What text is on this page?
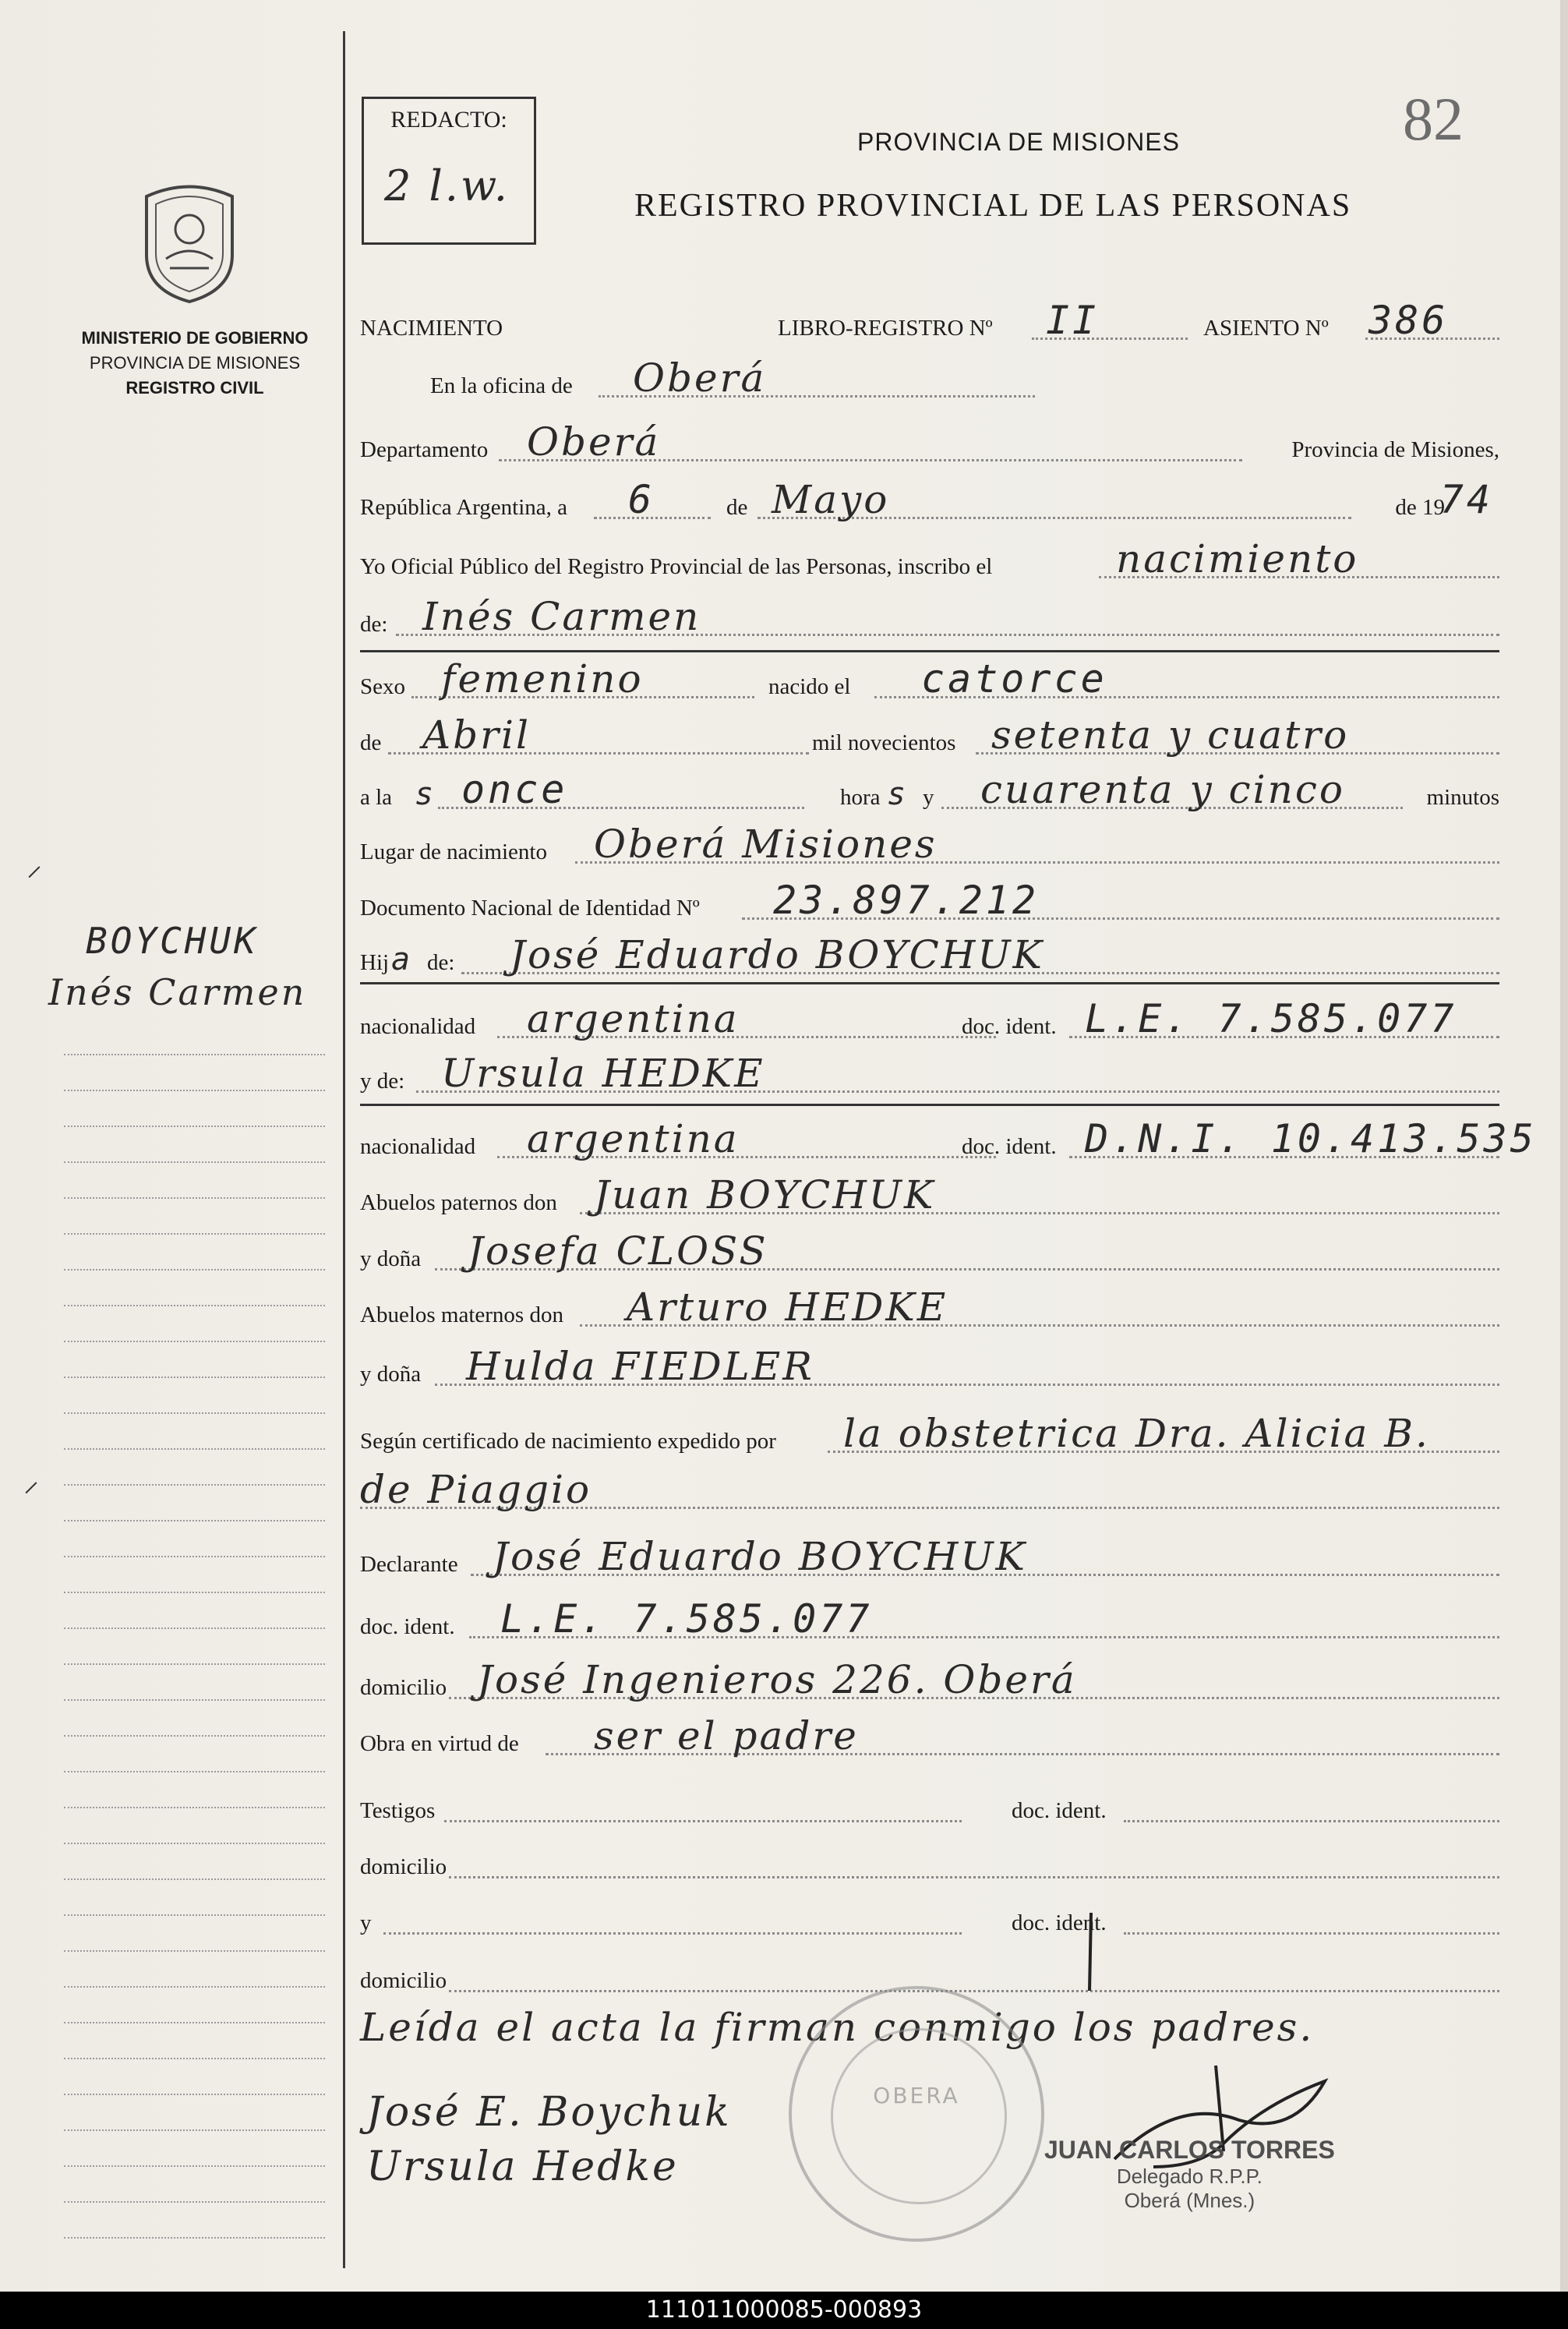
MINISTERIO DE GOBIERNO
PROVINCIA DE MISIONES
REGISTRO CIVIL
⸝
⸝
BOYCHUK
Inés Carmen
REDACTO:
2 l.w.
82
PROVINCIA DE MISIONES
REGISTRO PROVINCIAL DE LAS PERSONAS
NACIMIENTO	LIBRO-REGISTRO Nº II	ASIENTO Nº 386
En la oficina de Oberá
Departamento Oberá	Provincia de Misiones,
República Argentina, a 6	de Mayo	de 19
74
Yo Oficial Público del Registro Provincial de las Personas, inscribo el	nacimiento
de: Inés Carmen
Sexo femenino	nacido el catorce
de Abril	mil novecientos setenta y cuatro
a la s once	hora s y cuarenta y cinco	minutos
Lugar de nacimiento Oberá Misiones
Documento Nacional de Identidad Nº 23.897.212
Hij a de: José Eduardo BOYCHUK
nacionalidad argentina	doc. ident. L.E. 7.585.077
y de: Ursula HEDKE
nacionalidad argentina	doc. ident. D.N.I. 10.413.535
Abuelos paternos don Juan BOYCHUK
y doña Josefa CLOSS
Abuelos maternos don Arturo HEDKE
y doña Hulda FIEDLER
Según certificado de nacimiento expedido por la obstetrica Dra. Alicia B.
de Piaggio
Declarante José Eduardo BOYCHUK
doc. ident. L.E. 7.585.077
domicilio José Ingenieros 226. Oberá
Obra en virtud de ser el padre
Testigos	doc. ident.
domicilio
y	doc. ident.
domicilio
Leída el acta la firman conmigo los padres.
OBERA
José E. Boychuk
Ursula Hedke	JUAN CARLOS TORRES
Delegado R.P.P.
Oberá (Mnes.)
111011000085-000893
